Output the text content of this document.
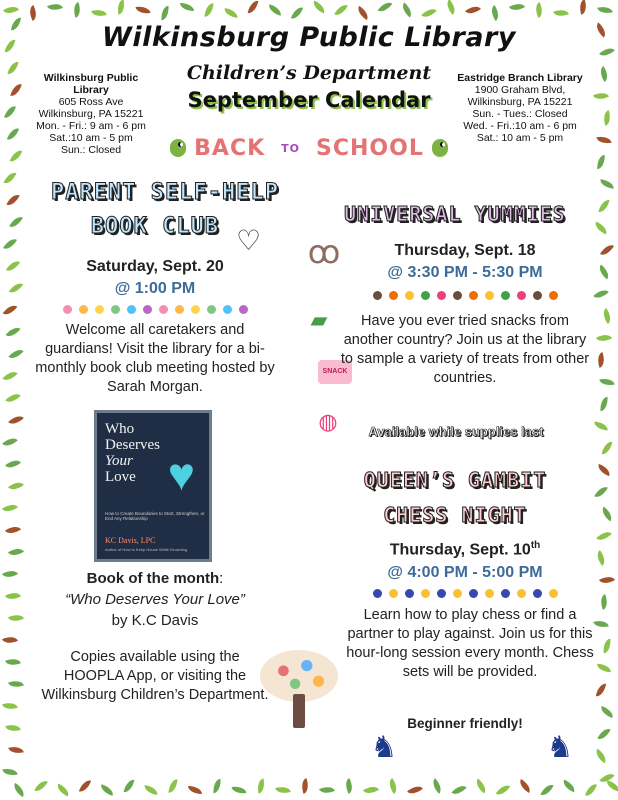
Wilkinsburg Public Library
Children’s Department
September Calendar
Wilkinsburg Public Library
605 Ross Ave
Wilkinsburg, PA 15221
Mon. - Fri.: 9 am - 6 pm
Sat.:10 am - 5 pm
Sun.: Closed
Eastridge Branch Library
1900 Graham Blvd,
Wilkinsburg, PA 15221
Sun. - Tues.: Closed
Wed. - Fri.:10 am - 6 pm
Sat.: 10 am - 5 pm
BACK TO SCHOOL
PARENT SELF-HELP
BOOK CLUB ♡
Saturday, Sept. 20
@ 1:00 PM
Welcome all caretakers and guardians! Visit the library for a bi-monthly book club meeting hosted by Sarah Morgan.
Who
Deserves
Your
Love ♥
How to Create Boundaries to Start, Strengthen, or End Any Relationship
KC Davis, LPC
Author of How to Keep House While Drowning
Book of the month:
“Who Deserves Your Love”
by K.C Davis
Copies available using the HOOPLA App, or visiting the Wilkinsburg Children’s Department.
UNIVERSAL YUMMIES
Thursday, Sept. 18
@ 3:30 PM - 5:30 PM
ꝏ
▰
SNACK
◍
Have you ever tried snacks from another country? Join us at the library to sample a variety of treats from other countries.
Available while supplies last
QUEEN’S GAMBIT
CHESS NIGHT
Thursday, Sept. 10th
@ 4:00 PM - 5:00 PM
Learn how to play chess or find a partner to play against. Join us for this hour-long session every month. Chess sets will be provided.
Beginner friendly!
♞	♞
